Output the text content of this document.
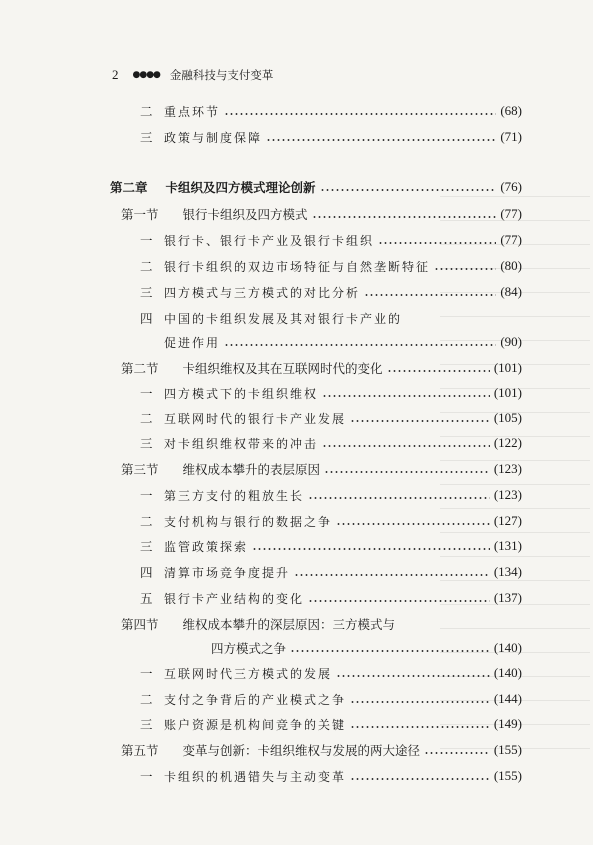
2 ●●●● 金融科技与支付变革
二 重点环节	(68)
三 政策与制度保障	(71)
第二章 卡组织及四方模式理论创新	(76)
第一节 银行卡组织及四方模式	(77)
一 银行卡、银行卡产业及银行卡组织	(77)
二 银行卡组织的双边市场特征与自然垄断特征	(80)
三 四方模式与三方模式的对比分析	(84)
四 中国的卡组织发展及其对银行卡产业的
促进作用	(90)
第二节 卡组织维权及其在互联网时代的变化	(101)
一 四方模式下的卡组织维权	(101)
二 互联网时代的银行卡产业发展	(105)
三 对卡组织维权带来的冲击	(122)
第三节 维权成本攀升的表层原因	(123)
一 第三方支付的粗放生长	(123)
二 支付机构与银行的数据之争	(127)
三 监管政策探索	(131)
四 清算市场竞争度提升	(134)
五 银行卡产业结构的变化	(137)
第四节 维权成本攀升的深层原因：三方模式与
四方模式之争	(140)
一 互联网时代三方模式的发展	(140)
二 支付之争背后的产业模式之争	(144)
三 账户资源是机构间竞争的关键	(149)
第五节 变革与创新：卡组织维权与发展的两大途径	(155)
一 卡组织的机遇错失与主动变革	(155)
